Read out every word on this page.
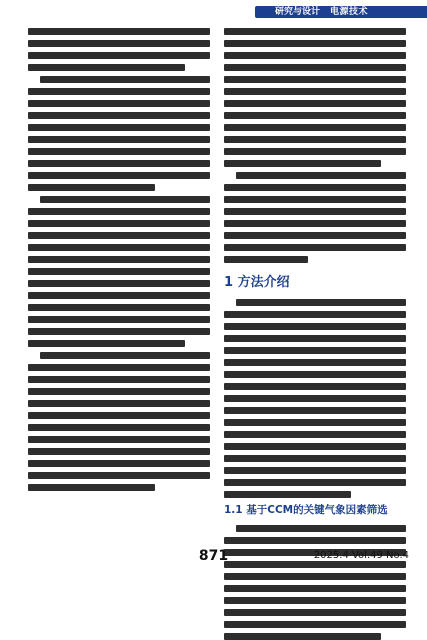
研究与设计 电源技术
1 方法介绍
1.1 基于CCM的关键气象因素筛选
871	2025.4 Vol.49 No.4
